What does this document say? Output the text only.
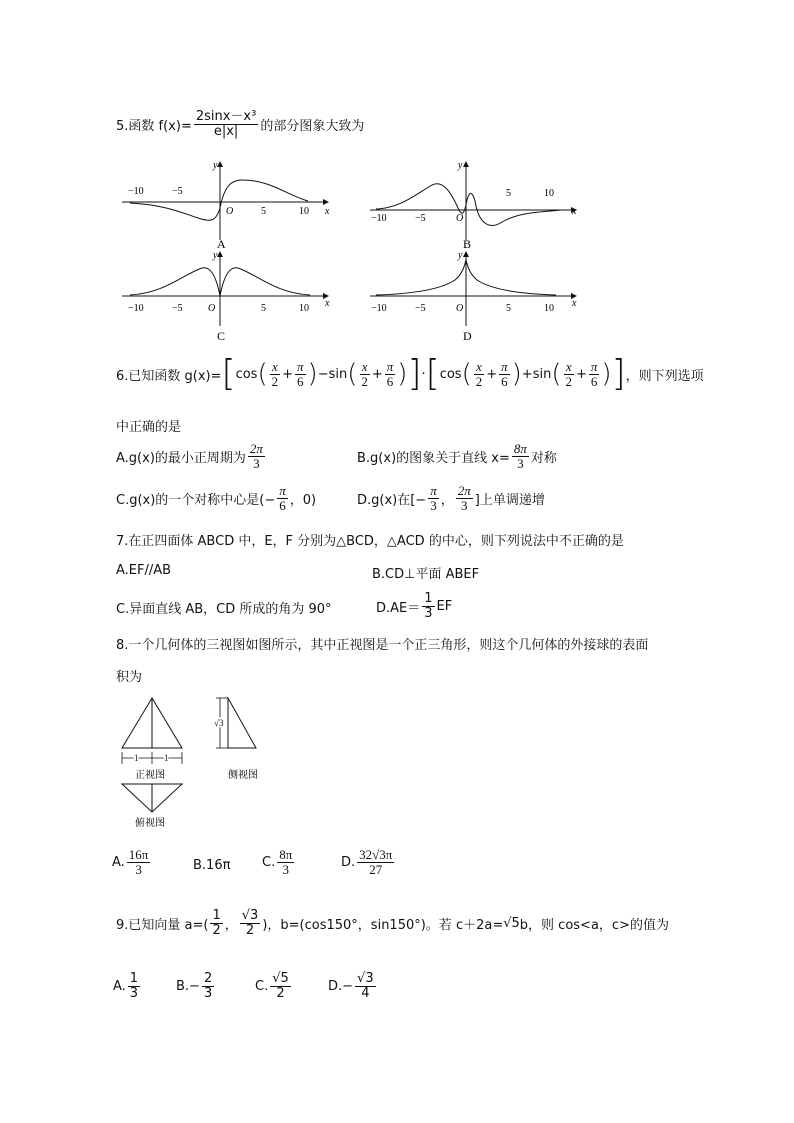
5.函数 $f(x)= \frac{\text{2sinx－x³}}{e|x|}$ 的部分图象大致为
y
x
−10	−5
O	5	10
A
y
x
−10	−5	O
5	10
B
y
x
−10	−5	O	5	10
C
y
x
−10	−5	O	5	10
D
6.已知函数 g(x)= [ cos ( x
$2 + \frac{\pi}{6}$ ) − sin ( x
$2 + \frac{\pi}{6}$ ) ] · [ cos ( x
$2 + \frac{\pi}{6}$ ) + sin ( x
$2 + \frac{\pi}{6}$ ) ] ，则下列选项
中正确的是
A.g(x)的最小正周期为
2π
3	B.g(x)的图象关于直线 $x= \frac{8\pi}{3}$ 对称
C.g(x)的一个对称中心是(− $\frac{\pi}{6}$ ，0)	D.g(x)在[− $\frac{\pi}{3}$ ，
2π
3 ]上单调递增
7.在正四面体 ABCD 中，E，F 分别为△BCD，△ACD 的中心，则下列说法中不正确的是
A.EF//AB	B.CD⊥平面 ABEF
C.异面直线 AB，CD 所成的角为 90°	D.AE＝
1
3 EF
8.一个几何体的三视图如图所示，其中正视图是一个正三角形，则这个几何体的外接球的表面
积为
1	1
正视图
√3
侧视图
俯视图
A.
16π
3	B.16π C.
8π
3	D.
32√3π
27
9.已知向量 a=(
1
2 ，
√3
2 )，b=(cos150°，sin150°)。若 c＋2a= √5 b，则 cos<a，c>的值为
A.
1
3	$B.- \frac{2}{3}$	C.
√5
2	$D.- \frac{√3}{4}$
